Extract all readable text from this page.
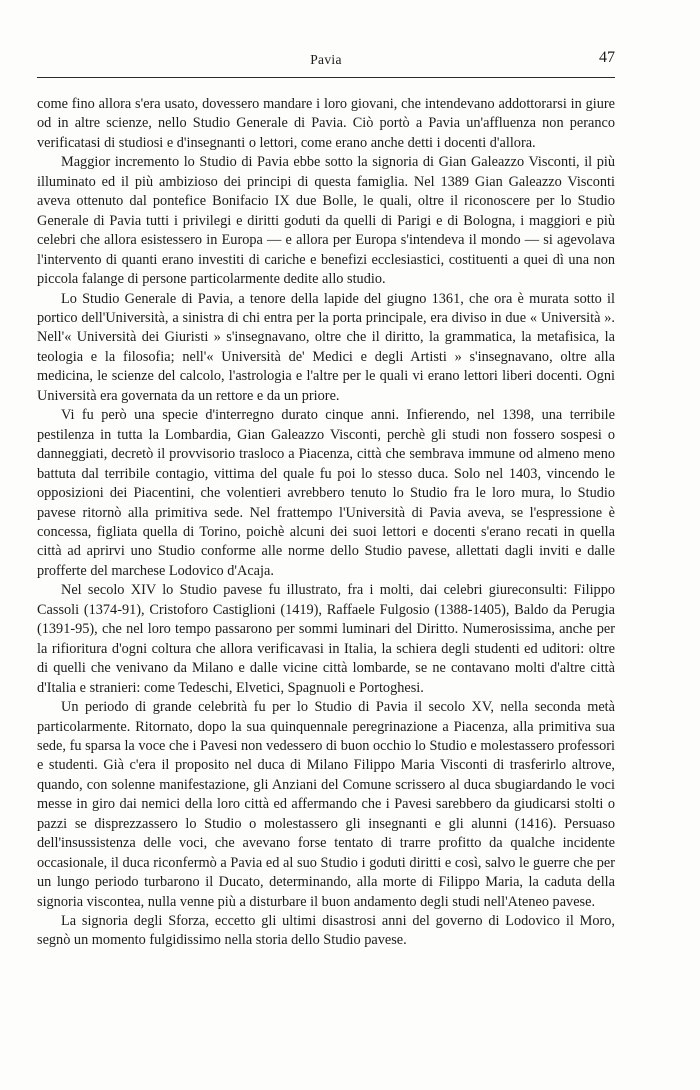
Pavia	47

come fino allora s'era usato, dovessero mandare i loro giovani, che intendevano addottorarsi in giure od in altre scienze, nello Studio Generale di Pavia. Ciò portò a Pavia un'affluenza non peranco verificatasi di studiosi e d'insegnanti o lettori, come erano anche detti i docenti d'allora.

Maggior incremento lo Studio di Pavia ebbe sotto la signoria di Gian Galeazzo Visconti, il più illuminato ed il più ambizioso dei principi di questa famiglia. Nel 1389 Gian Galeazzo Visconti aveva ottenuto dal pontefice Bonifacio IX due Bolle, le quali, oltre il riconoscere per lo Studio Generale di Pavia tutti i privilegi e diritti goduti da quelli di Parigi e di Bologna, i maggiori e più celebri che allora esistessero in Europa — e allora per Europa s'intendeva il mondo — si agevolava l'intervento di quanti erano investiti di cariche e benefizi ecclesiastici, costituenti a quei dì una non piccola falange di persone particolarmente dedite allo studio.

Lo Studio Generale di Pavia, a tenore della lapide del giugno 1361, che ora è murata sotto il portico dell'Università, a sinistra di chi entra per la porta principale, era diviso in due « Università ». Nell'« Università dei Giuristi » s'insegnavano, oltre che il diritto, la grammatica, la metafisica, la teologia e la filosofia; nell'« Università de' Medici e degli Artisti » s'insegnavano, oltre alla medicina, le scienze del calcolo, l'astrologia e l'altre per le quali vi erano lettori liberi docenti. Ogni Università era governata da un rettore e da un priore.

Vi fu però una specie d'interregno durato cinque anni. Infierendo, nel 1398, una terribile pestilenza in tutta la Lombardia, Gian Galeazzo Visconti, perchè gli studi non fossero sospesi o danneggiati, decretò il provvisorio trasloco a Piacenza, città che sembrava immune od almeno meno battuta dal terribile contagio, vittima del quale fu poi lo stesso duca. Solo nel 1403, vincendo le opposizioni dei Piacentini, che volentieri avrebbero tenuto lo Studio fra le loro mura, lo Studio pavese ritornò alla primitiva sede. Nel frattempo l'Università di Pavia aveva, se l'espressione è concessa, figliata quella di Torino, poichè alcuni dei suoi lettori e docenti s'erano recati in quella città ad aprirvi uno Studio conforme alle norme dello Studio pavese, allettati dagli inviti e dalle profferte del marchese Lodovico d'Acaja.

Nel secolo XIV lo Studio pavese fu illustrato, fra i molti, dai celebri giureconsulti: Filippo Cassoli (1374-91), Cristoforo Castiglioni (1419), Raffaele Fulgosio (1388-1405), Baldo da Perugia (1391-95), che nel loro tempo passarono per sommi luminari del Diritto. Numerosissima, anche per la rifioritura d'ogni coltura che allora verificavasi in Italia, la schiera degli studenti ed uditori: oltre di quelli che venivano da Milano e dalle vicine città lombarde, se ne contavano molti d'altre città d'Italia e stranieri: come Tedeschi, Elvetici, Spagnuoli e Portoghesi.

Un periodo di grande celebrità fu per lo Studio di Pavia il secolo XV, nella seconda metà particolarmente. Ritornato, dopo la sua quinquennale peregrinazione a Piacenza, alla primitiva sua sede, fu sparsa la voce che i Pavesi non vedessero di buon occhio lo Studio e molestassero professori e studenti. Già c'era il proposito nel duca di Milano Filippo Maria Visconti di trasferirlo altrove, quando, con solenne manifestazione, gli Anziani del Comune scrissero al duca sbugiardando le voci messe in giro dai nemici della loro città ed affermando che i Pavesi sarebbero da giudicarsi stolti o pazzi se disprezzassero lo Studio o molestassero gli insegnanti e gli alunni (1416). Persuaso dell'insussistenza delle voci, che avevano forse tentato di trarre profitto da qualche incidente occasionale, il duca riconfermò a Pavia ed al suo Studio i goduti diritti e così, salvo le guerre che per un lungo periodo turbarono il Ducato, determinando, alla morte di Filippo Maria, la caduta della signoria viscontea, nulla venne più a disturbare il buon andamento degli studi nell'Ateneo pavese.

La signoria degli Sforza, eccetto gli ultimi disastrosi anni del governo di Lodovico il Moro, segnò un momento fulgidissimo nella storia dello Studio pavese.
